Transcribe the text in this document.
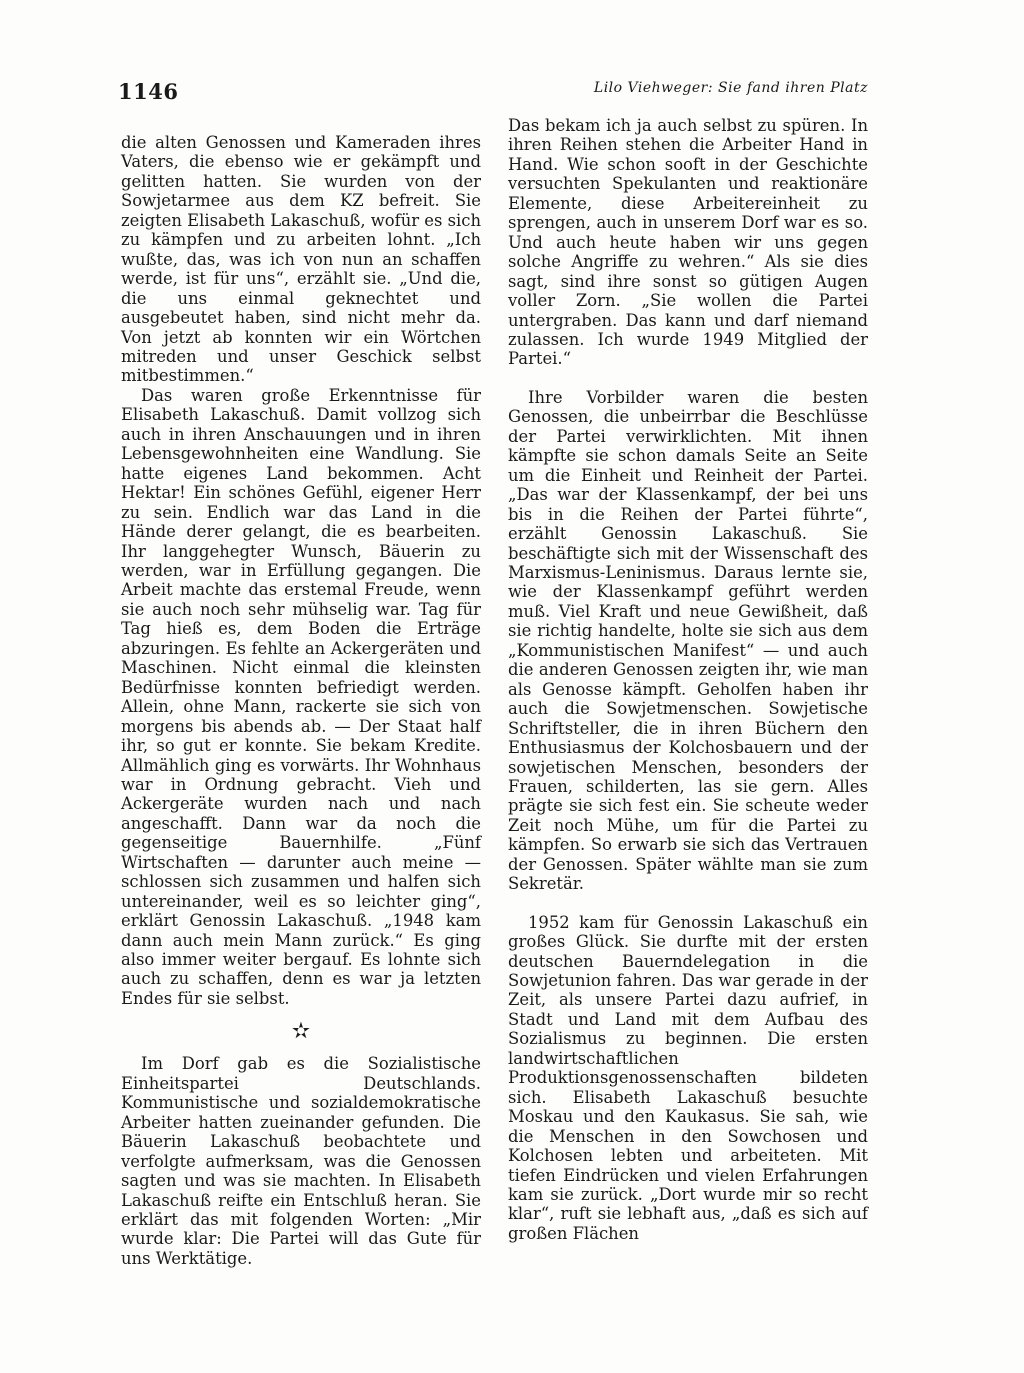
1146	Lilo Viehweger: Sie fand ihren Platz

die alten Genossen und Kameraden ihres Vaters, die ebenso wie er gekämpft und gelitten hatten. Sie wurden von der Sowjetarmee aus dem KZ befreit. Sie zeigten Elisabeth Lakaschuß, wofür es sich zu kämpfen und zu arbeiten lohnt. „Ich wußte, das, was ich von nun an schaffen werde, ist für uns“, erzählt sie. „Und die, die uns einmal geknechtet und ausgebeutet haben, sind nicht mehr da. Von jetzt ab konnten wir ein Wörtchen mitreden und unser Geschick selbst mitbestimmen.“

Das waren große Erkenntnisse für Elisabeth Lakaschuß. Damit vollzog sich auch in ihren Anschauungen und in ihren Lebensgewohnheiten eine Wandlung. Sie hatte eigenes Land bekommen. Acht Hektar! Ein schönes Gefühl, eigener Herr zu sein. Endlich war das Land in die Hände derer gelangt, die es bearbeiten. Ihr langgehegter Wunsch, Bäuerin zu werden, war in Erfüllung gegangen. Die Arbeit machte das erstemal Freude, wenn sie auch noch sehr mühselig war. Tag für Tag hieß es, dem Boden die Erträge abzuringen. Es fehlte an Ackergeräten und Maschinen. Nicht einmal die kleinsten Bedürfnisse konnten befriedigt werden. Allein, ohne Mann, rackerte sie sich von morgens bis abends ab. — Der Staat half ihr, so gut er konnte. Sie bekam Kredite. Allmählich ging es vorwärts. Ihr Wohnhaus war in Ordnung gebracht. Vieh und Ackergeräte wurden nach und nach angeschafft. Dann war da noch die gegenseitige Bauernhilfe. „Fünf Wirtschaften — darunter auch meine — schlossen sich zusammen und halfen sich untereinander, weil es so leichter ging“, erklärt Genossin Lakaschuß. „1948 kam dann auch mein Mann zurück.“ Es ging also immer weiter bergauf. Es lohnte sich auch zu schaffen, denn es war ja letzten Endes für sie selbst.

✫

Im Dorf gab es die Sozialistische Einheitspartei Deutschlands. Kommunistische und sozialdemokratische Arbeiter hatten zueinander gefunden. Die Bäuerin Lakaschuß beobachtete und verfolgte aufmerksam, was die Genossen sagten und was sie machten. In Elisabeth Lakaschuß reifte ein Entschluß heran. Sie erklärt das mit folgenden Worten: „Mir wurde klar: Die Partei will das Gute für uns Werktätige.

Das bekam ich ja auch selbst zu spüren. In ihren Reihen stehen die Arbeiter Hand in Hand. Wie schon sooft in der Geschichte versuchten Spekulanten und reaktionäre Elemente, diese Arbeitereinheit zu sprengen, auch in unserem Dorf war es so. Und auch heute haben wir uns gegen solche Angriffe zu wehren.“ Als sie dies sagt, sind ihre sonst so gütigen Augen voller Zorn. „Sie wollen die Partei untergraben. Das kann und darf niemand zulassen. Ich wurde 1949 Mitglied der Partei.“

Ihre Vorbilder waren die besten Genossen, die unbeirrbar die Beschlüsse der Partei verwirklichten. Mit ihnen kämpfte sie schon damals Seite an Seite um die Einheit und Reinheit der Partei. „Das war der Klassenkampf, der bei uns bis in die Reihen der Partei führte“, erzählt Genossin Lakaschuß. Sie beschäftigte sich mit der Wissenschaft des Marxismus-Leninismus. Daraus lernte sie, wie der Klassenkampf geführt werden muß. Viel Kraft und neue Gewißheit, daß sie richtig handelte, holte sie sich aus dem „Kommunistischen Manifest“ — und auch die anderen Genossen zeigten ihr, wie man als Genosse kämpft. Geholfen haben ihr auch die Sowjetmenschen. Sowjetische Schriftsteller, die in ihren Büchern den Enthusiasmus der Kolchosbauern und der sowjetischen Menschen, besonders der Frauen, schilderten, las sie gern. Alles prägte sie sich fest ein. Sie scheute weder Zeit noch Mühe, um für die Partei zu kämpfen. So erwarb sie sich das Vertrauen der Genossen. Später wählte man sie zum Sekretär.

1952 kam für Genossin Lakaschuß ein großes Glück. Sie durfte mit der ersten deutschen Bauerndelegation in die Sowjetunion fahren. Das war gerade in der Zeit, als unsere Partei dazu aufrief, in Stadt und Land mit dem Aufbau des Sozialismus zu beginnen. Die ersten landwirtschaftlichen Produktionsgenossenschaften bildeten sich. Elisabeth Lakaschuß besuchte Moskau und den Kaukasus. Sie sah, wie die Menschen in den Sowchosen und Kolchosen lebten und arbeiteten. Mit tiefen Eindrücken und vielen Erfahrungen kam sie zurück. „Dort wurde mir so recht klar“, ruft sie lebhaft aus, „daß es sich auf großen Flächen
